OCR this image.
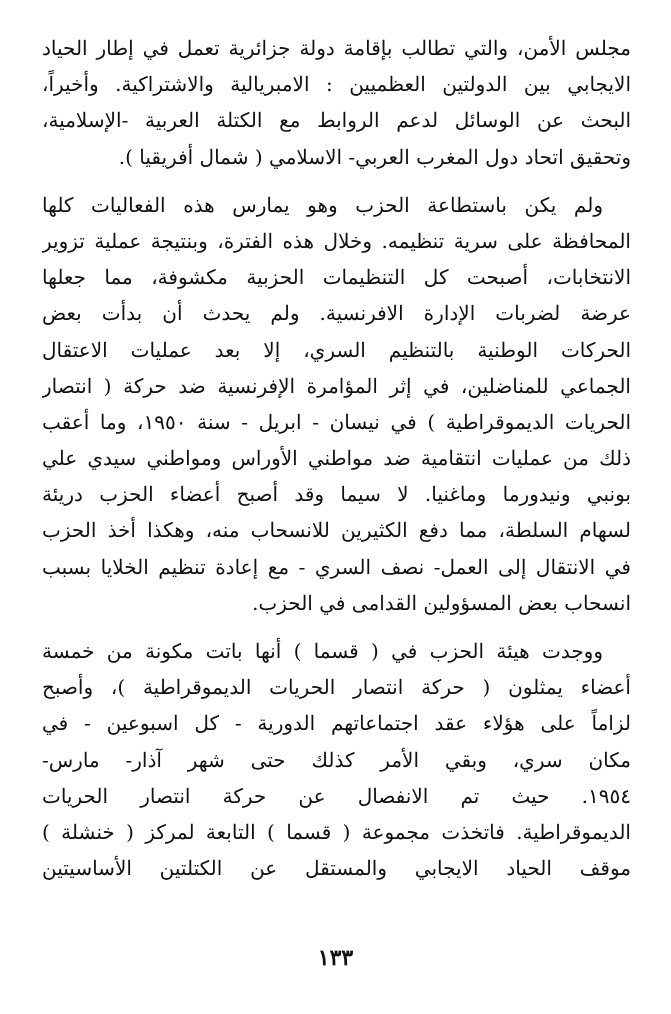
مجلس الأمن، والتي تطالب بإقامة دولة جزائرية تعمل في إطار الحياد
الايجابي بين الدولتين العظميين : الامبريالية والاشتراكية. وأخيراً،
البحث عن الوسائل لدعم الروابط مع الكتلة العربية -الإسلامية،
وتحقيق اتحاد دول المغرب العربي- الاسلامي ( شمال أفريقيا ).
ولم يكن باستطاعة الحزب وهو يمارس هذه الفعاليات كلها
المحافظة على سرية تنظيمه. وخلال هذه الفترة، وبنتيجة عملية تزوير
الانتخابات، أصبحت كل التنظيمات الحزبية مكشوفة، مما جعلها
عرضة لضربات الإدارة الافرنسية. ولم يحدث أن بدأت بعض
الحركات الوطنية بالتنظيم السري، إلا بعد عمليات الاعتقال
الجماعي للمناضلين، في إثر المؤامرة الإفرنسية ضد حركة ( انتصار
الحريات الديموقراطية ) في نيسان - ابريل - سنة ١٩٥٠، وما أعقب
ذلك من عمليات انتقامية ضد مواطني الأوراس ومواطني سيدي علي
بونبي ونيدورما وماغنيا. لا سيما وقد أصبح أعضاء الحزب دريئة
لسهام السلطة، مما دفع الكثيرين للانسحاب منه، وهكذا أخذ الحزب
في الانتقال إلى العمل- نصف السري - مع إعادة تنظيم الخلايا بسبب
انسحاب بعض المسؤولين القدامى في الحزب.
ووجدت هيئة الحزب في ( قسما ) أنها باتت مكونة من خمسة
أعضاء يمثلون ( حركة انتصار الحريات الديموقراطية )، وأصبح
لزاماً على هؤلاء عقد اجتماعاتهم الدورية - كل اسبوعين - في
مكان سري، وبقي الأمر كذلك حتى شهر آذار- مارس-
١٩٥٤. حيث تم الانفصال عن حركة انتصار الحريات
الديموقراطية. فاتخذت مجموعة ( قسما ) التابعة لمركز ( خنشلة )
موقف الحياد الايجابي والمستقل عن الكتلتين الأساسيتين
١٣٣
